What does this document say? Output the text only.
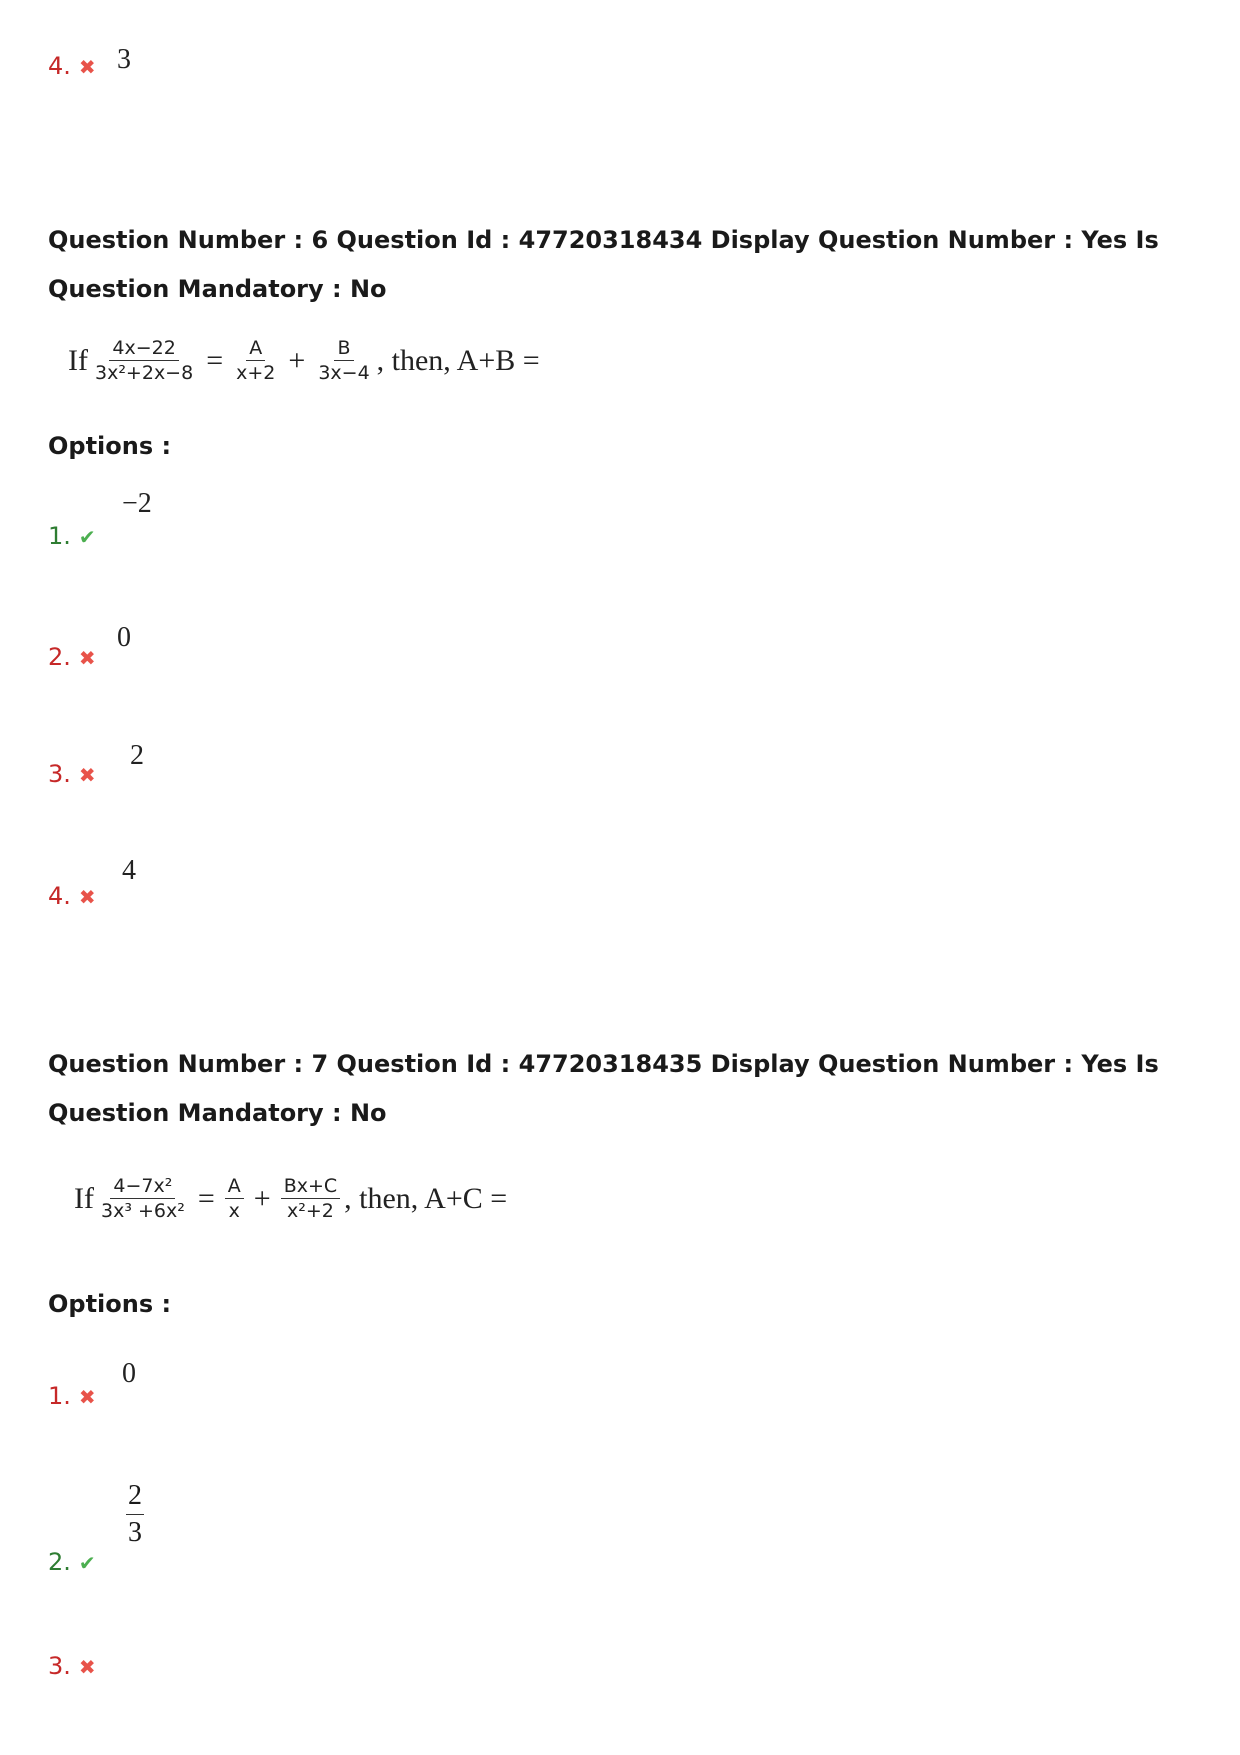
4. ✖ 3
Question Number : 6 Question Id : 47720318434 Display Question Number : Yes Is Question Mandatory : No
If $\frac{4x-22}{\text{3x²+2x−8}} = \frac{A}{x+2} + \frac{B}{3x-4}$ , then, A+B =
Options :
1. ✔
−2
2. ✖
0
3. ✖
2
4. ✖
4
Question Number : 7 Question Id : 47720318435 Display Question Number : Yes Is Question Mandatory : No
If $\frac{\text{4−7x²}}{\text{3x³ +6x²}} = \frac{A}{x} + \frac{Bx+C}{\text{x²+2}}$ , then, A+C =
Options :
1. ✖
0
2. ✔
$\frac{2}{3}$
3. ✖
